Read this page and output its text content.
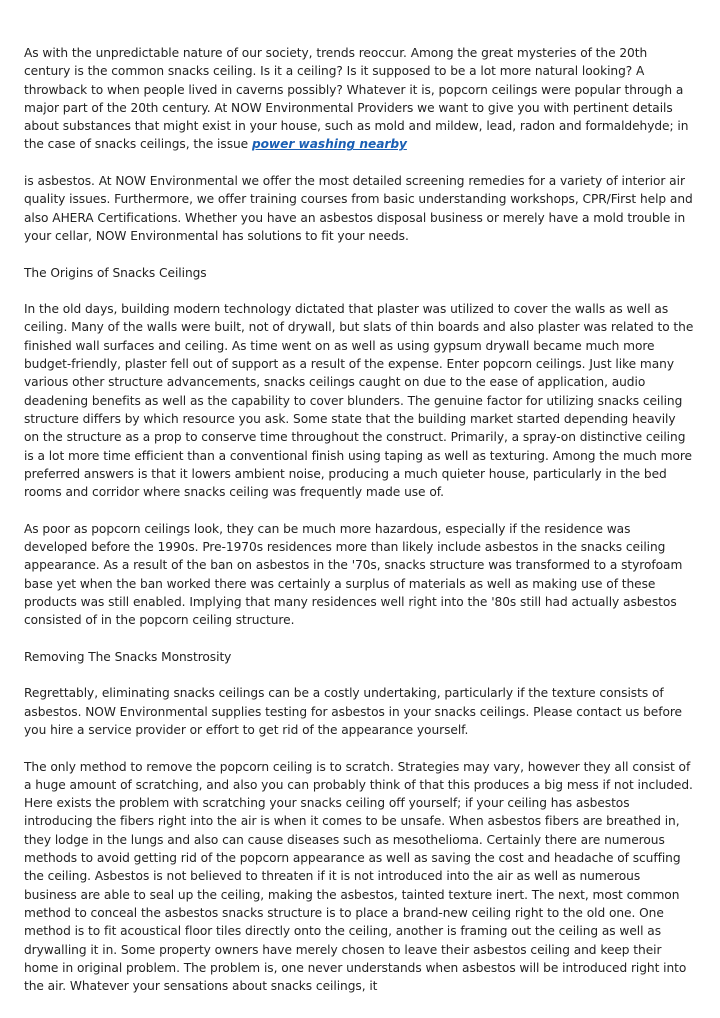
As with the unpredictable nature of our society, trends reoccur. Among the great mysteries of the 20th century is the common snacks ceiling. Is it a ceiling? Is it supposed to be a lot more natural looking? A throwback to when people lived in caverns possibly? Whatever it is, popcorn ceilings were popular through a major part of the 20th century. At NOW Environmental Providers we want to give you with pertinent details about substances that might exist in your house, such as mold and mildew, lead, radon and formaldehyde; in the case of snacks ceilings, the issue power washing nearby

is asbestos. At NOW Environmental we offer the most detailed screening remedies for a variety of interior air quality issues. Furthermore, we offer training courses from basic understanding workshops, CPR/First help and also AHERA Certifications. Whether you have an asbestos disposal business or merely have a mold trouble in your cellar, NOW Environmental has solutions to fit your needs.

The Origins of Snacks Ceilings

In the old days, building modern technology dictated that plaster was utilized to cover the walls as well as ceiling. Many of the walls were built, not of drywall, but slats of thin boards and also plaster was related to the finished wall surfaces and ceiling. As time went on as well as using gypsum drywall became much more budget-friendly, plaster fell out of support as a result of the expense. Enter popcorn ceilings. Just like many various other structure advancements, snacks ceilings caught on due to the ease of application, audio deadening benefits as well as the capability to cover blunders. The genuine factor for utilizing snacks ceiling structure differs by which resource you ask. Some state that the building market started depending heavily on the structure as a prop to conserve time throughout the construct. Primarily, a spray-on distinctive ceiling is a lot more time efficient than a conventional finish using taping as well as texturing. Among the much more preferred answers is that it lowers ambient noise, producing a much quieter house, particularly in the bed rooms and corridor where snacks ceiling was frequently made use of.

As poor as popcorn ceilings look, they can be much more hazardous, especially if the residence was developed before the 1990s. Pre-1970s residences more than likely include asbestos in the snacks ceiling appearance. As a result of the ban on asbestos in the '70s, snacks structure was transformed to a styrofoam base yet when the ban worked there was certainly a surplus of materials as well as making use of these products was still enabled. Implying that many residences well right into the '80s still had actually asbestos consisted of in the popcorn ceiling structure.

Removing The Snacks Monstrosity

Regrettably, eliminating snacks ceilings can be a costly undertaking, particularly if the texture consists of asbestos. NOW Environmental supplies testing for asbestos in your snacks ceilings. Please contact us before you hire a service provider or effort to get rid of the appearance yourself.

The only method to remove the popcorn ceiling is to scratch. Strategies may vary, however they all consist of a huge amount of scratching, and also you can probably think of that this produces a big mess if not included. Here exists the problem with scratching your snacks ceiling off yourself; if your ceiling has asbestos introducing the fibers right into the air is when it comes to be unsafe. When asbestos fibers are breathed in, they lodge in the lungs and also can cause diseases such as mesothelioma. Certainly there are numerous methods to avoid getting rid of the popcorn appearance as well as saving the cost and headache of scuffing the ceiling. Asbestos is not believed to threaten if it is not introduced into the air as well as numerous business are able to seal up the ceiling, making the asbestos, tainted texture inert. The next, most common method to conceal the asbestos snacks structure is to place a brand-new ceiling right to the old one. One method is to fit acoustical floor tiles directly onto the ceiling, another is framing out the ceiling as well as drywalling it in. Some property owners have merely chosen to leave their asbestos ceiling and keep their home in original problem. The problem is, one never understands when asbestos will be introduced right into the air. Whatever your sensations about snacks ceilings, it
